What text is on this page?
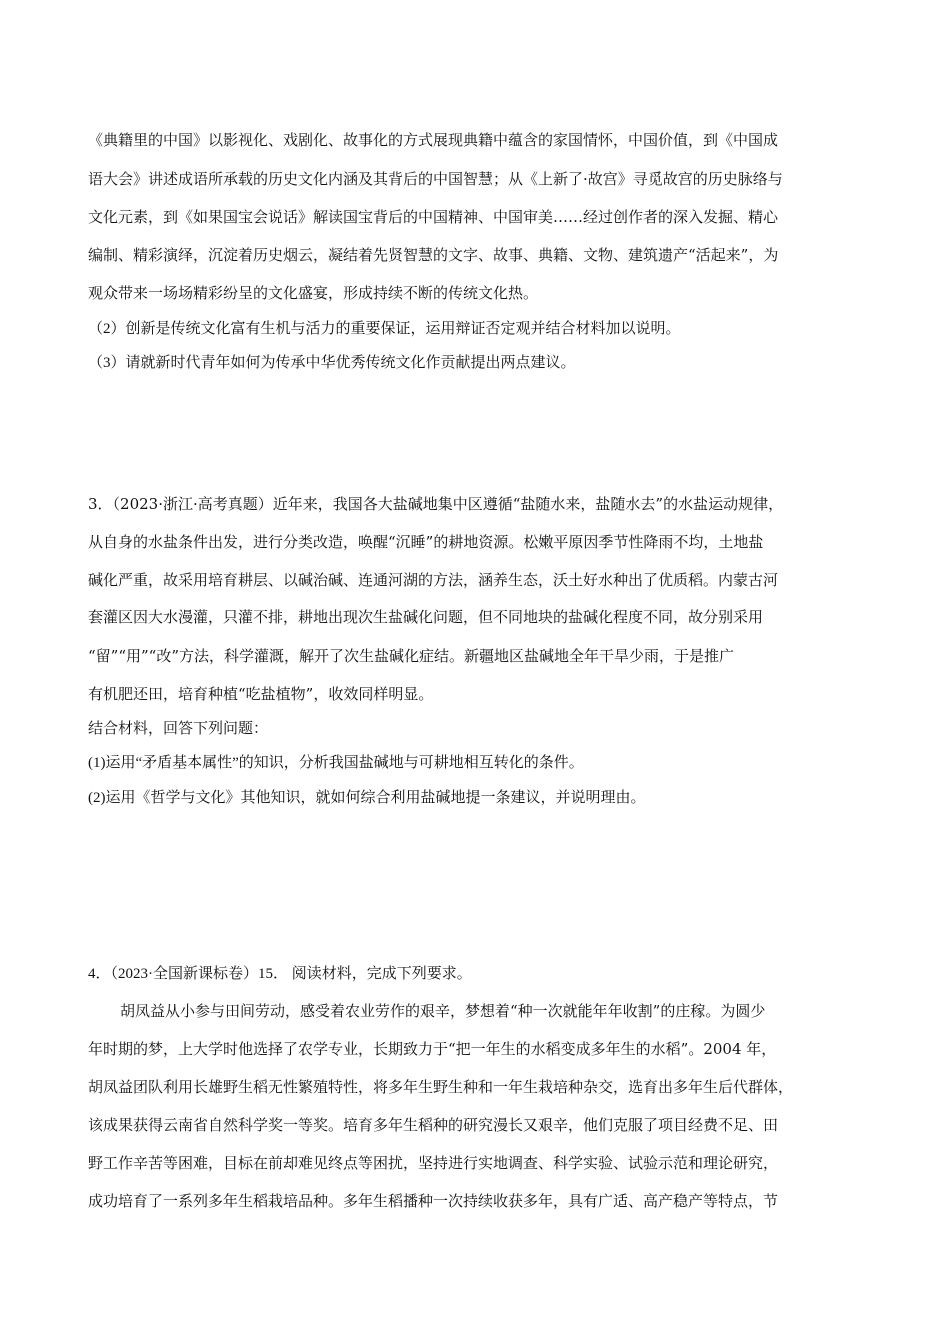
《典籍里的中国》以影视化、戏剧化、故事化的方式展现典籍中蕴含的家国情怀，中国价值，到《中国成
语大会》讲述成语所承载的历史文化内涵及其背后的中国智慧；从《上新了·故宫》寻觅故宫的历史脉络与
文化元素，到《如果国宝会说话》解读国宝背后的中国精神、中国审美……经过创作者的深入发掘、精心
编制、精彩演绎，沉淀着历史烟云，凝结着先贤智慧的文字、故事、典籍、文物、建筑遗产“活起来”，为
观众带来一场场精彩纷呈的文化盛宴，形成持续不断的传统文化热。
（2）创新是传统文化富有生机与活力的重要保证，运用辩证否定观并结合材料加以说明。
（3）请就新时代青年如何为传承中华优秀传统文化作贡献提出两点建议。
3．（2023·浙江·高考真题）近年来，我国各大盐碱地集中区遵循“盐随水来，盐随水去”的水盐运动规律，
从自身的水盐条件出发，进行分类改造，唤醒“沉睡”的耕地资源。松嫩平原因季节性降雨不均，土地盐
碱化严重，故采用培育耕层、以碱治碱、连通河湖的方法，涵养生态，沃土好水种出了优质稻。内蒙古河
套灌区因大水漫灌，只灌不排，耕地出现次生盐碱化问题，但不同地块的盐碱化程度不同，故分别采用
“留”“用”“改”方法，科学灌溉，解开了次生盐碱化症结。新疆地区盐碱地全年干旱少雨，于是推广
有机肥还田，培育种植“吃盐植物”，收效同样明显。
结合材料，回答下列问题：
(1)运用“矛盾基本属性”的知识，分析我国盐碱地与可耕地相互转化的条件。
(2)运用《哲学与文化》其他知识，就如何综合利用盐碱地提一条建议，并说明理由。
4．（2023·全国新课标卷）15． 阅读材料，完成下列要求。
胡凤益从小参与田间劳动，感受着农业劳作的艰辛，梦想着“种一次就能年年收割”的庄稼。为圆少
年时期的梦，上大学时他选择了农学专业，长期致力于“把一年生的水稻变成多年生的水稻”。2004 年，
胡凤益团队利用长雄野生稻无性繁殖特性，将多年生野生种和一年生栽培种杂交，选育出多年生后代群体，
该成果获得云南省自然科学奖一等奖。培育多年生稻种的研究漫长又艰辛，他们克服了项目经费不足、田
野工作辛苦等困难，目标在前却难见终点等困扰，坚持进行实地调查、科学实验、试验示范和理论研究，
成功培育了一系列多年生稻栽培品种。多年生稻播种一次持续收获多年，具有广适、高产稳产等特点，节
